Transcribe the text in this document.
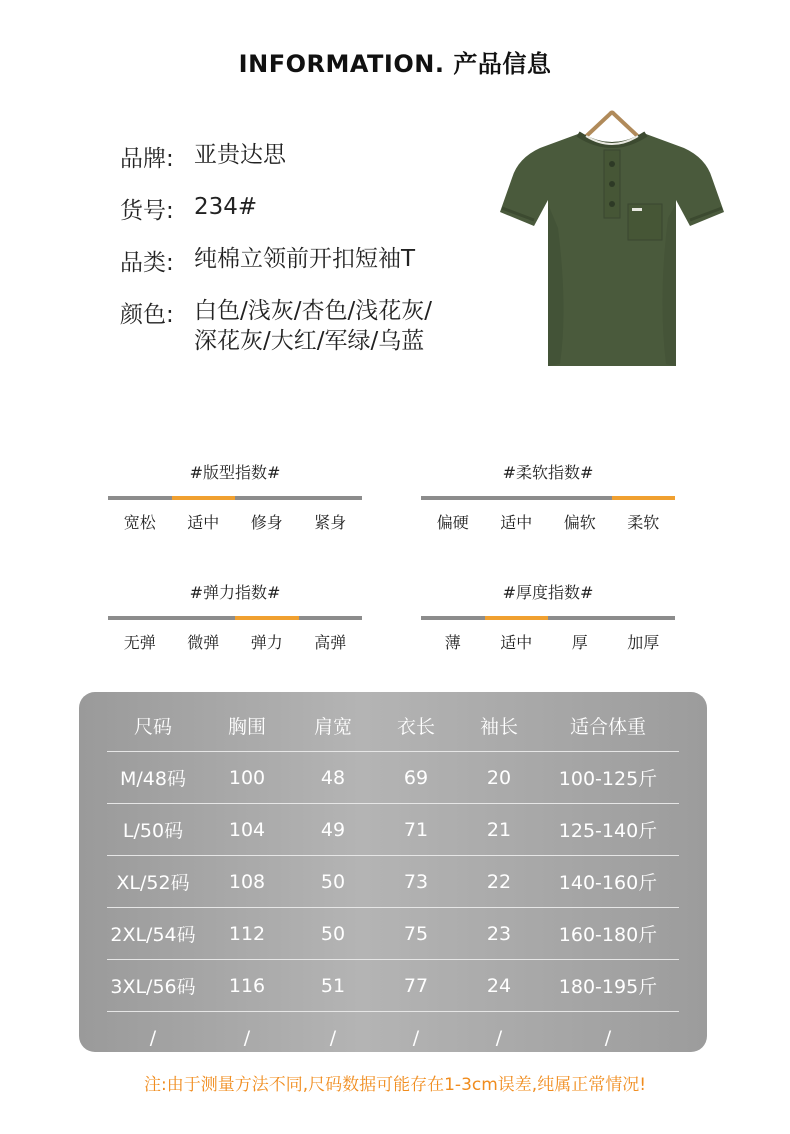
INFORMATION. 产品信息
品牌: 亚贵达思
货号: 234#
品类: 纯棉立领前开扣短袖T
颜色: 白色/浅灰/杏色/浅花灰/
深花灰/大红/军绿/乌蓝
#版型指数#
宽松	适中	修身	紧身
#柔软指数#
偏硬	适中	偏软	柔软
#弹力指数#
无弹	微弹	弹力	高弹
#厚度指数#
薄	适中	厚	加厚
尺码	胸围	肩宽	衣长	袖长	适合体重
M/48码	100	48	69	20	100-125斤
L/50码	104	49	71	21	125-140斤
XL/52码	108	50	73	22	140-160斤
2XL/54码	112	50	75	23	160-180斤
3XL/56码	116	51	77	24	180-195斤
/	/	/	/	/	/
注:由于测量方法不同,尺码数据可能存在1-3cm误差,纯属正常情况!
